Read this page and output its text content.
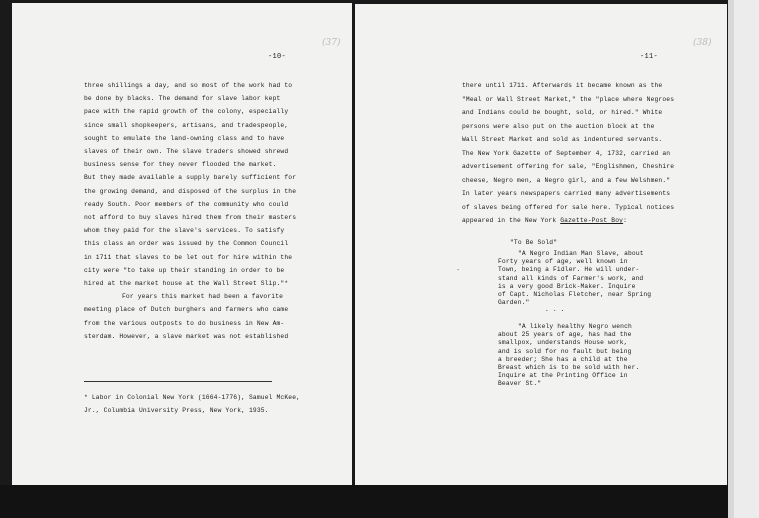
-10-
(37)
three shillings a day, and so most of the work had to
be done by blacks. The demand for slave labor kept
pace with the rapid growth of the colony, especially
since small shopkeepers, artisans, and tradespeople,
sought to emulate the land-owning class and to have
slaves of their own. The slave traders showed shrewd
business sense for they never flooded the market.
But they made available a supply barely sufficient for
the growing demand, and disposed of the surplus in the
ready South. Poor members of the community who could
not afford to buy slaves hired them from their masters
whom they paid for the slave's services. To satisfy
this class an order was issued by the Common Council
in 1711 that slaves to be let out for hire within the
city were "to take up their standing in order to be
hired at the market house at the Wall Street Slip."*
For years this market had been a favorite
meeting place of Dutch burghers and farmers who came
from the various outposts to do business in New Am-
sterdam. However, a slave market was not established
* Labor in Colonial New York (1664-1776), Samuel McKee,
Jr., Columbia University Press, New York, 1935.
-11-
(38)
there until 1711. Afterwards it became known as the
"Meal or Wall Street Market," the "place where Negroes
and Indians could be bought, sold, or hired." White
persons were also put on the auction block at the
Wall Street Market and sold as indentured servants.
The New York Gazette of September 4, 1732, carried an
advertisement offering for sale, "Englishmen, Cheshire
cheese, Negro men, a Negro girl, and a few Welshmen."
In later years newspapers carried many advertisements
of slaves being offered for sale here. Typical notices
appeared in the New York Gazette-Post Boy:
"To Be Sold"
-
"A Negro Indian Man Slave, about
Forty years of age, well known in
Town, being a Fidler. He will under-
stand all kinds of Farmer's work, and
is a very good Brick-Maker. Inquire
of Capt. Nicholas Fletcher, near Spring
Garden."
. . .
"A likely healthy Negro wench
about 25 years of age, has had the
smallpox, understands House work,
and is sold for no fault but being
a breeder; She has a child at the
Breast which is to be sold with her.
Inquire at the Printing Office in
Beaver St."
